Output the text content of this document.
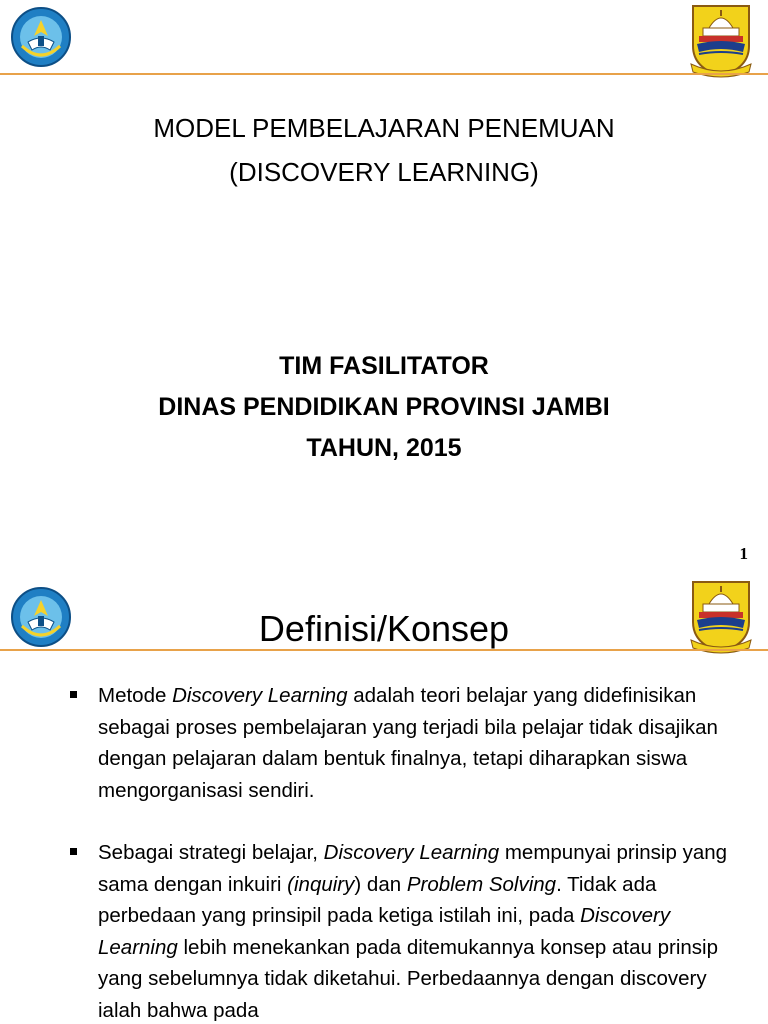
MODEL PEMBELAJARAN PENEMUAN
(DISCOVERY LEARNING)
TIM FASILITATOR
DINAS PENDIDIKAN PROVINSI JAMBI
TAHUN, 2015
1
Definisi/Konsep
Metode Discovery Learning adalah teori belajar yang didefinisikan sebagai proses pembelajaran yang terjadi bila pelajar tidak disajikan dengan pelajaran dalam bentuk finalnya, tetapi diharapkan siswa mengorganisasi sendiri.
Sebagai strategi belajar, Discovery Learning mempunyai prinsip yang sama dengan inkuiri (inquiry) dan Problem Solving. Tidak ada perbedaan yang prinsipil pada ketiga istilah ini, pada Discovery Learning lebih menekankan pada ditemukannya konsep atau prinsip yang sebelumnya tidak diketahui. Perbedaannya dengan discovery ialah bahwa pada
